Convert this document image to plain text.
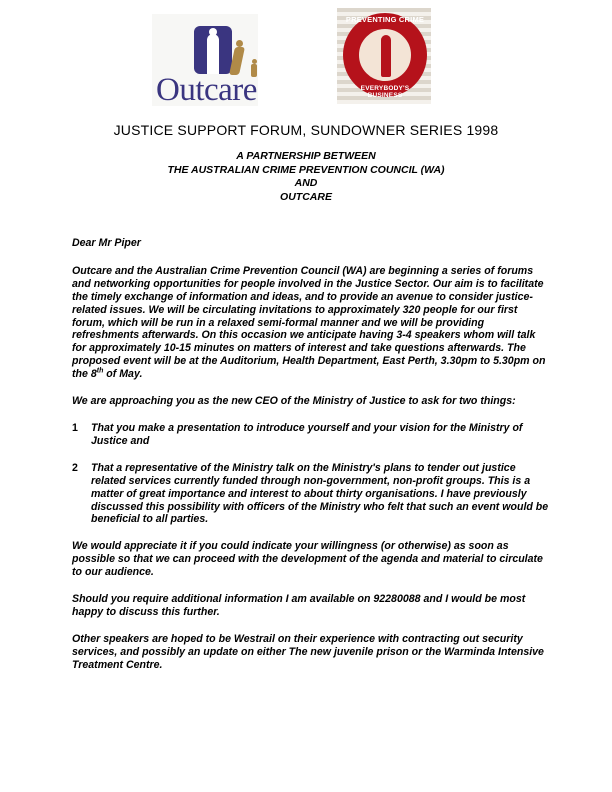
Outcare
PREVENTING CRIME
EVERYBODY'S BUSINESS
JUSTICE SUPPORT FORUM, SUNDOWNER SERIES 1998
A PARTNERSHIP BETWEEN
THE AUSTRALIAN CRIME PREVENTION COUNCIL (WA)
AND
OUTCARE

Dear Mr Piper

Outcare and the Australian Crime Prevention Council (WA) are beginning a series of forums and networking opportunities for people involved in the Justice Sector. Our aim is to facilitate the timely exchange of information and ideas, and to provide an avenue to consider justice-related issues. We will be circulating invitations to approximately 320 people for our first forum, which will be run in a relaxed semi-formal manner and we will be providing refreshments afterwards. On this occasion we anticipate having 3-4 speakers whom will talk for approximately 10-15 minutes on matters of interest and take questions afterwards. The proposed event will be at the Auditorium, Health Department, East Perth, 3.30pm to 5.30pm on the 8th of May.

We are approaching you as the new CEO of the Ministry of Justice to ask for two things:

1	That you make a presentation to introduce yourself and your vision for the Ministry of Justice and
2	That a representative of the Ministry talk on the Ministry's plans to tender out justice related services currently funded through non-government, non-profit groups. This is a matter of great importance and interest to about thirty organisations. I have previously discussed this possibility with officers of the Ministry who felt that such an event would be beneficial to all parties.

We would appreciate it if you could indicate your willingness (or otherwise) as soon as possible so that we can proceed with the development of the agenda and material to circulate to our audience.

Should you require additional information I am available on 92280088 and I would be most happy to discuss this further.

Other speakers are hoped to be Westrail on their experience with contracting out security services, and possibly an update on either The new juvenile prison or the Warminda Intensive Treatment Centre.
